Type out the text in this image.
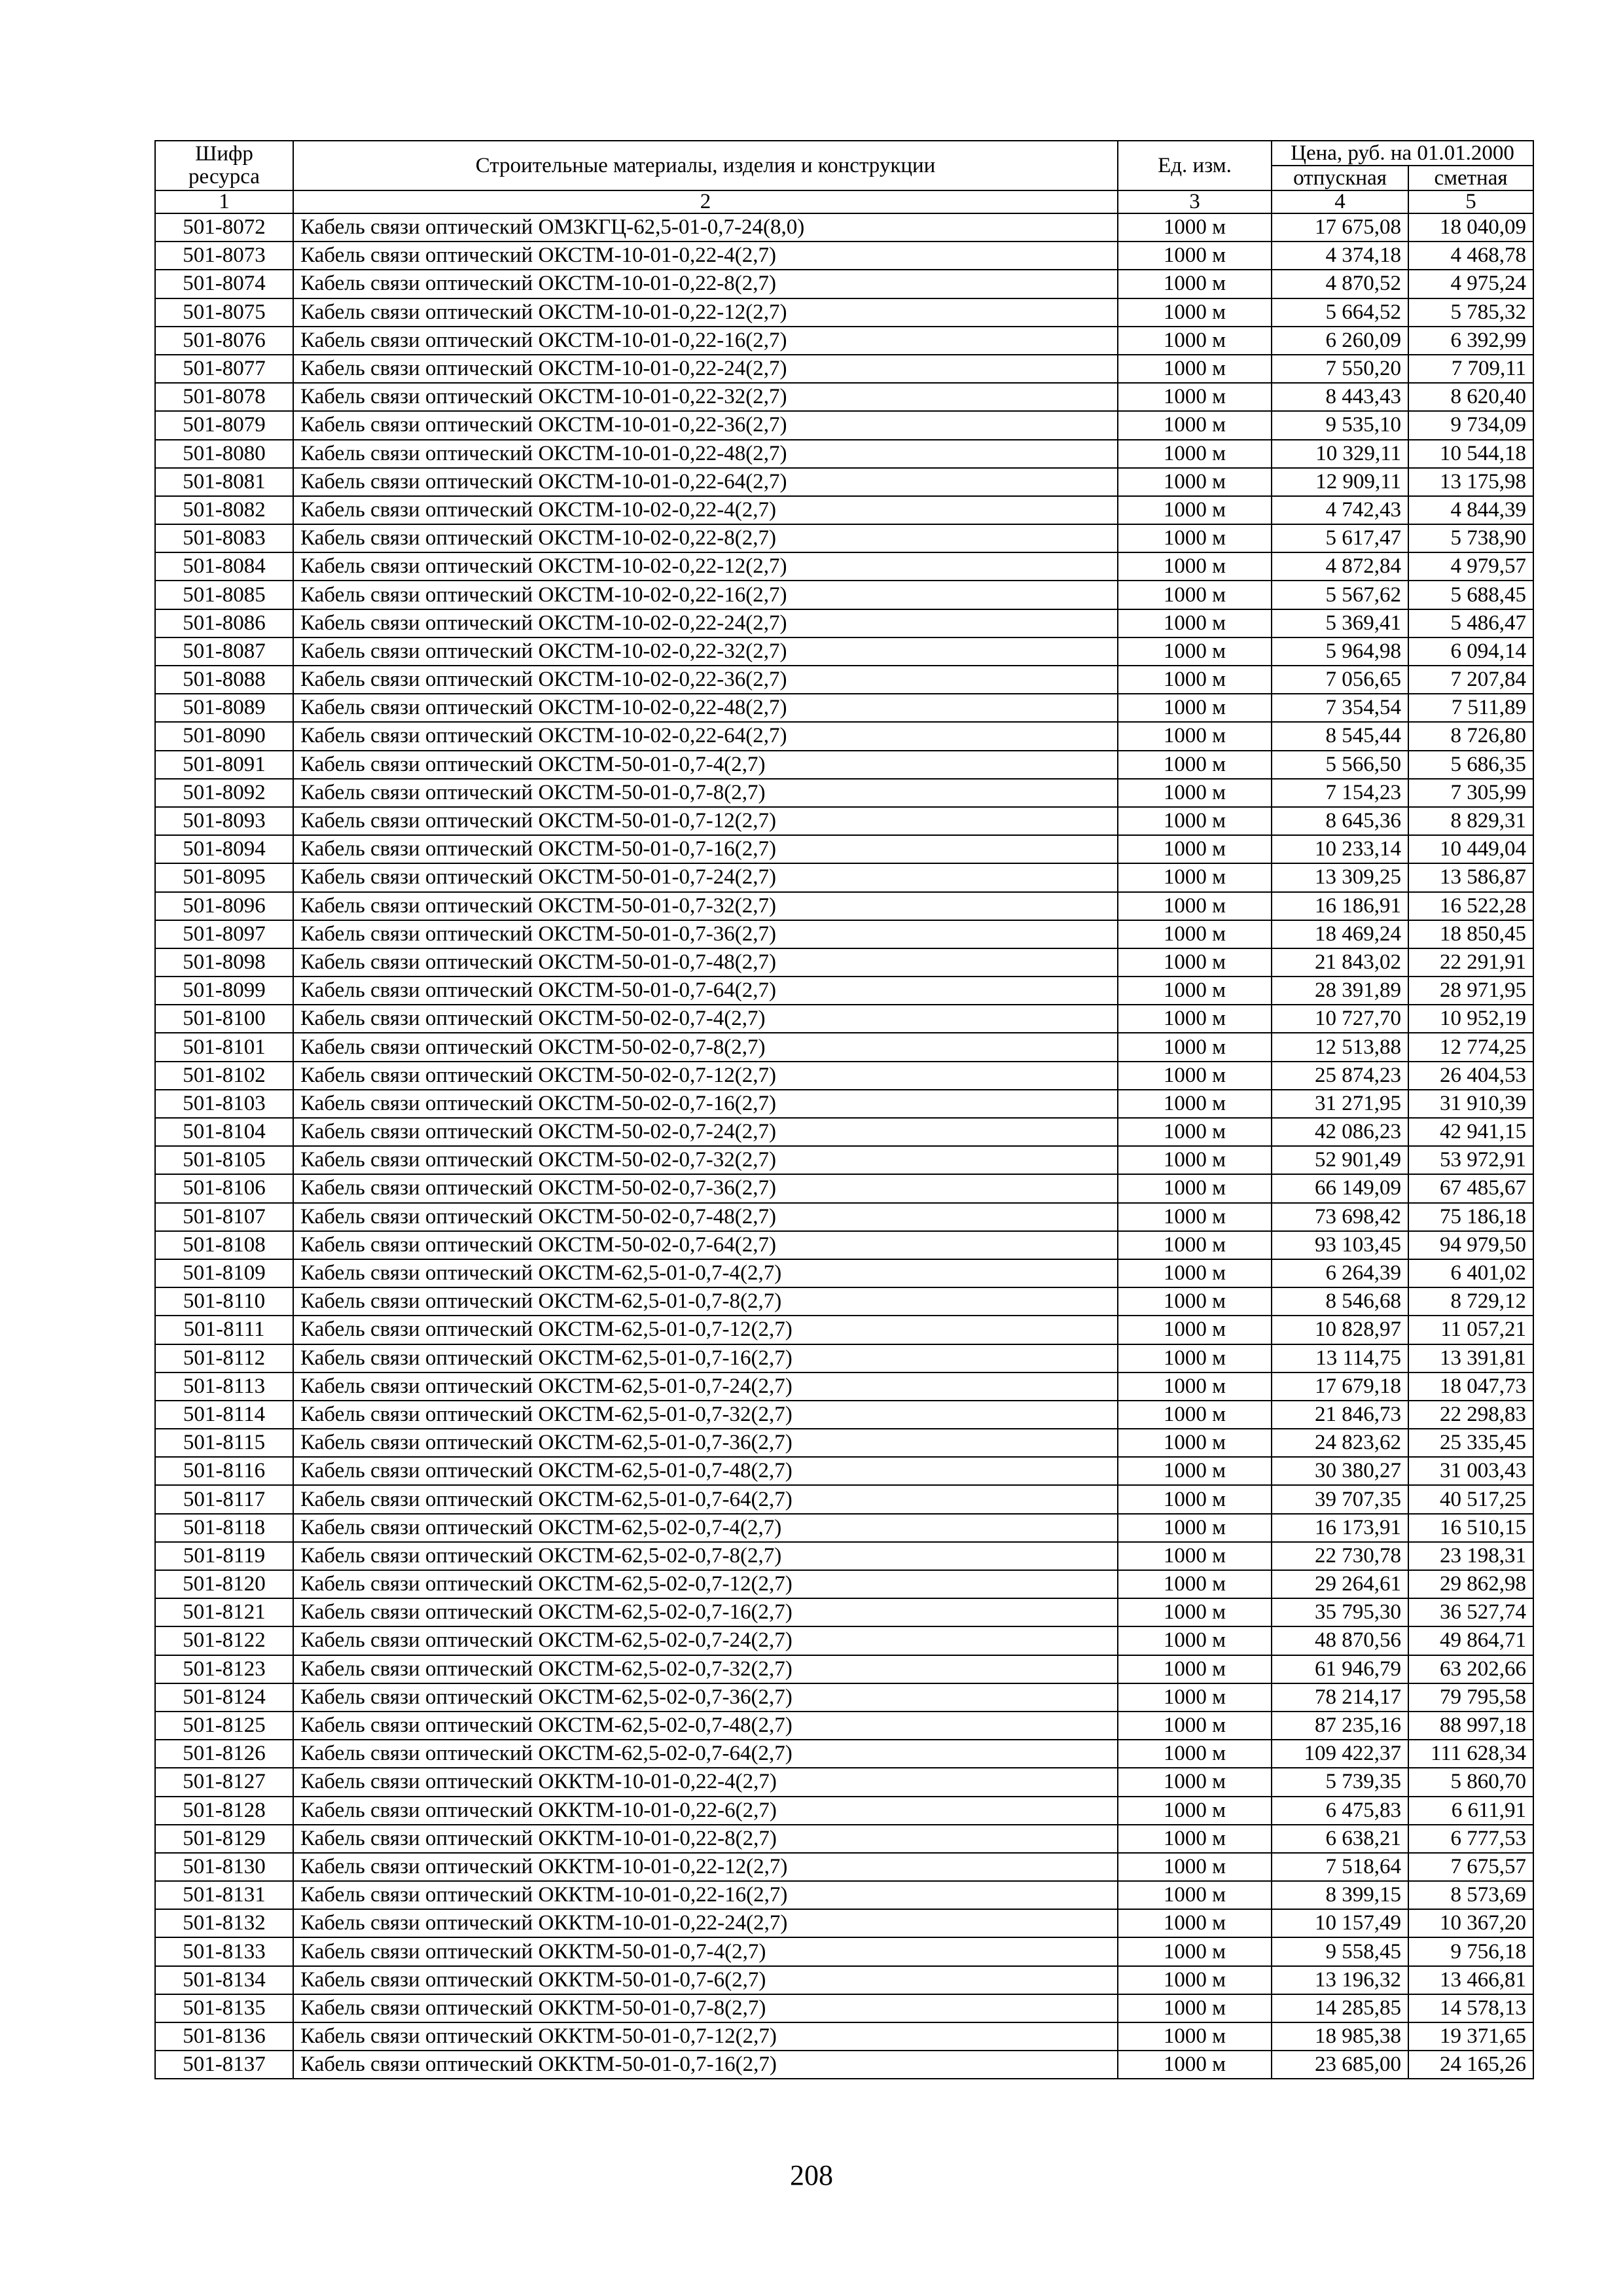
Шифр ресурса	Строительные материалы, изделия и конструкции	Ед. изм.	Цена, руб. на 01.01.2000	
			отпускная	сметная
1	2	3	4	5
501-8072	Кабель связи оптический ОМЗКГЦ-62,5-01-0,7-24(8,0)	1000 м	17 675,08	18 040,09
501-8073	Кабель связи оптический ОКСТМ-10-01-0,22-4(2,7)	1000 м	4 374,18	4 468,78
501-8074	Кабель связи оптический ОКСТМ-10-01-0,22-8(2,7)	1000 м	4 870,52	4 975,24
501-8075	Кабель связи оптический ОКСТМ-10-01-0,22-12(2,7)	1000 м	5 664,52	5 785,32
501-8076	Кабель связи оптический ОКСТМ-10-01-0,22-16(2,7)	1000 м	6 260,09	6 392,99
501-8077	Кабель связи оптический ОКСТМ-10-01-0,22-24(2,7)	1000 м	7 550,20	7 709,11
501-8078	Кабель связи оптический ОКСТМ-10-01-0,22-32(2,7)	1000 м	8 443,43	8 620,40
501-8079	Кабель связи оптический ОКСТМ-10-01-0,22-36(2,7)	1000 м	9 535,10	9 734,09
501-8080	Кабель связи оптический ОКСТМ-10-01-0,22-48(2,7)	1000 м	10 329,11	10 544,18
501-8081	Кабель связи оптический ОКСТМ-10-01-0,22-64(2,7)	1000 м	12 909,11	13 175,98
501-8082	Кабель связи оптический ОКСТМ-10-02-0,22-4(2,7)	1000 м	4 742,43	4 844,39
501-8083	Кабель связи оптический ОКСТМ-10-02-0,22-8(2,7)	1000 м	5 617,47	5 738,90
501-8084	Кабель связи оптический ОКСТМ-10-02-0,22-12(2,7)	1000 м	4 872,84	4 979,57
501-8085	Кабель связи оптический ОКСТМ-10-02-0,22-16(2,7)	1000 м	5 567,62	5 688,45
501-8086	Кабель связи оптический ОКСТМ-10-02-0,22-24(2,7)	1000 м	5 369,41	5 486,47
501-8087	Кабель связи оптический ОКСТМ-10-02-0,22-32(2,7)	1000 м	5 964,98	6 094,14
501-8088	Кабель связи оптический ОКСТМ-10-02-0,22-36(2,7)	1000 м	7 056,65	7 207,84
501-8089	Кабель связи оптический ОКСТМ-10-02-0,22-48(2,7)	1000 м	7 354,54	7 511,89
501-8090	Кабель связи оптический ОКСТМ-10-02-0,22-64(2,7)	1000 м	8 545,44	8 726,80
501-8091	Кабель связи оптический ОКСТМ-50-01-0,7-4(2,7)	1000 м	5 566,50	5 686,35
501-8092	Кабель связи оптический ОКСТМ-50-01-0,7-8(2,7)	1000 м	7 154,23	7 305,99
501-8093	Кабель связи оптический ОКСТМ-50-01-0,7-12(2,7)	1000 м	8 645,36	8 829,31
501-8094	Кабель связи оптический ОКСТМ-50-01-0,7-16(2,7)	1000 м	10 233,14	10 449,04
501-8095	Кабель связи оптический ОКСТМ-50-01-0,7-24(2,7)	1000 м	13 309,25	13 586,87
501-8096	Кабель связи оптический ОКСТМ-50-01-0,7-32(2,7)	1000 м	16 186,91	16 522,28
501-8097	Кабель связи оптический ОКСТМ-50-01-0,7-36(2,7)	1000 м	18 469,24	18 850,45
501-8098	Кабель связи оптический ОКСТМ-50-01-0,7-48(2,7)	1000 м	21 843,02	22 291,91
501-8099	Кабель связи оптический ОКСТМ-50-01-0,7-64(2,7)	1000 м	28 391,89	28 971,95
501-8100	Кабель связи оптический ОКСТМ-50-02-0,7-4(2,7)	1000 м	10 727,70	10 952,19
501-8101	Кабель связи оптический ОКСТМ-50-02-0,7-8(2,7)	1000 м	12 513,88	12 774,25
501-8102	Кабель связи оптический ОКСТМ-50-02-0,7-12(2,7)	1000 м	25 874,23	26 404,53
501-8103	Кабель связи оптический ОКСТМ-50-02-0,7-16(2,7)	1000 м	31 271,95	31 910,39
501-8104	Кабель связи оптический ОКСТМ-50-02-0,7-24(2,7)	1000 м	42 086,23	42 941,15
501-8105	Кабель связи оптический ОКСТМ-50-02-0,7-32(2,7)	1000 м	52 901,49	53 972,91
501-8106	Кабель связи оптический ОКСТМ-50-02-0,7-36(2,7)	1000 м	66 149,09	67 485,67
501-8107	Кабель связи оптический ОКСТМ-50-02-0,7-48(2,7)	1000 м	73 698,42	75 186,18
501-8108	Кабель связи оптический ОКСТМ-50-02-0,7-64(2,7)	1000 м	93 103,45	94 979,50
501-8109	Кабель связи оптический ОКСТМ-62,5-01-0,7-4(2,7)	1000 м	6 264,39	6 401,02
501-8110	Кабель связи оптический ОКСТМ-62,5-01-0,7-8(2,7)	1000 м	8 546,68	8 729,12
501-8111	Кабель связи оптический ОКСТМ-62,5-01-0,7-12(2,7)	1000 м	10 828,97	11 057,21
501-8112	Кабель связи оптический ОКСТМ-62,5-01-0,7-16(2,7)	1000 м	13 114,75	13 391,81
501-8113	Кабель связи оптический ОКСТМ-62,5-01-0,7-24(2,7)	1000 м	17 679,18	18 047,73
501-8114	Кабель связи оптический ОКСТМ-62,5-01-0,7-32(2,7)	1000 м	21 846,73	22 298,83
501-8115	Кабель связи оптический ОКСТМ-62,5-01-0,7-36(2,7)	1000 м	24 823,62	25 335,45
501-8116	Кабель связи оптический ОКСТМ-62,5-01-0,7-48(2,7)	1000 м	30 380,27	31 003,43
501-8117	Кабель связи оптический ОКСТМ-62,5-01-0,7-64(2,7)	1000 м	39 707,35	40 517,25
501-8118	Кабель связи оптический ОКСТМ-62,5-02-0,7-4(2,7)	1000 м	16 173,91	16 510,15
501-8119	Кабель связи оптический ОКСТМ-62,5-02-0,7-8(2,7)	1000 м	22 730,78	23 198,31
501-8120	Кабель связи оптический ОКСТМ-62,5-02-0,7-12(2,7)	1000 м	29 264,61	29 862,98
501-8121	Кабель связи оптический ОКСТМ-62,5-02-0,7-16(2,7)	1000 м	35 795,30	36 527,74
501-8122	Кабель связи оптический ОКСТМ-62,5-02-0,7-24(2,7)	1000 м	48 870,56	49 864,71
501-8123	Кабель связи оптический ОКСТМ-62,5-02-0,7-32(2,7)	1000 м	61 946,79	63 202,66
501-8124	Кабель связи оптический ОКСТМ-62,5-02-0,7-36(2,7)	1000 м	78 214,17	79 795,58
501-8125	Кабель связи оптический ОКСТМ-62,5-02-0,7-48(2,7)	1000 м	87 235,16	88 997,18
501-8126	Кабель связи оптический ОКСТМ-62,5-02-0,7-64(2,7)	1000 м	109 422,37	111 628,34
501-8127	Кабель связи оптический ОККТМ-10-01-0,22-4(2,7)	1000 м	5 739,35	5 860,70
501-8128	Кабель связи оптический ОККТМ-10-01-0,22-6(2,7)	1000 м	6 475,83	6 611,91
501-8129	Кабель связи оптический ОККТМ-10-01-0,22-8(2,7)	1000 м	6 638,21	6 777,53
501-8130	Кабель связи оптический ОККТМ-10-01-0,22-12(2,7)	1000 м	7 518,64	7 675,57
501-8131	Кабель связи оптический ОККТМ-10-01-0,22-16(2,7)	1000 м	8 399,15	8 573,69
501-8132	Кабель связи оптический ОККТМ-10-01-0,22-24(2,7)	1000 м	10 157,49	10 367,20
501-8133	Кабель связи оптический ОККТМ-50-01-0,7-4(2,7)	1000 м	9 558,45	9 756,18
501-8134	Кабель связи оптический ОККТМ-50-01-0,7-6(2,7)	1000 м	13 196,32	13 466,81
501-8135	Кабель связи оптический ОККТМ-50-01-0,7-8(2,7)	1000 м	14 285,85	14 578,13
501-8136	Кабель связи оптический ОККТМ-50-01-0,7-12(2,7)	1000 м	18 985,38	19 371,65
501-8137	Кабель связи оптический ОККТМ-50-01-0,7-16(2,7)	1000 м	23 685,00	24 165,26
208
